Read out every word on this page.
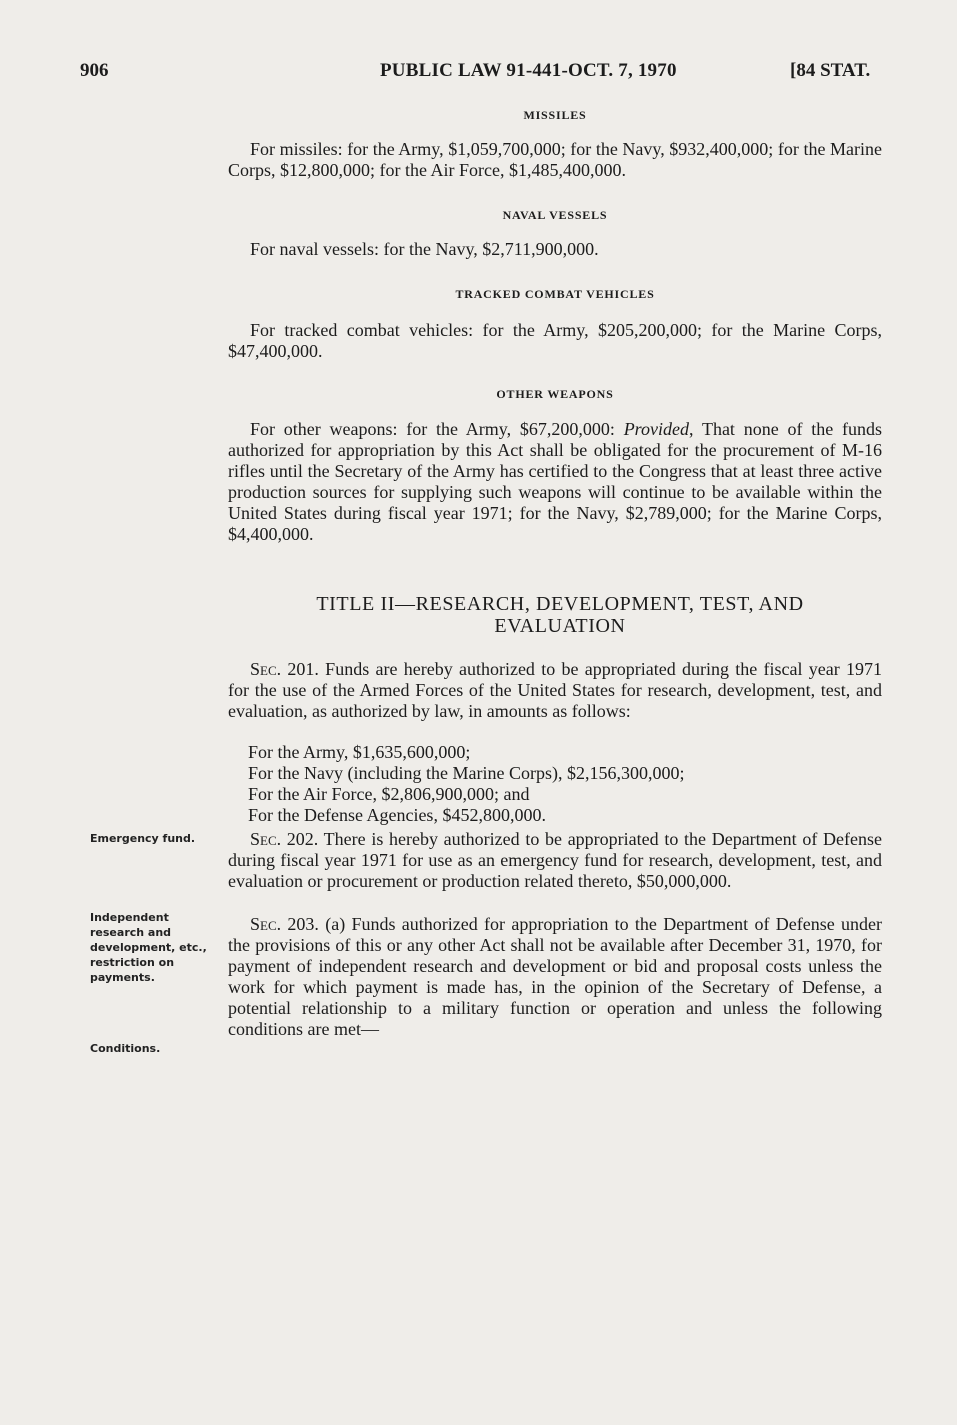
906	PUBLIC LAW 91-441-OCT. 7, 1970	[84 STAT.
MISSILES

For missiles: for the Army, $1,059,700,000; for the Navy, $932,400,000; for the Marine Corps, $12,800,000; for the Air Force, $1,485,400,000.

NAVAL VESSELS

For naval vessels: for the Navy, $2,711,900,000.

TRACKED COMBAT VEHICLES

For tracked combat vehicles: for the Army, $205,200,000; for the Marine Corps, $47,400,000.

OTHER WEAPONS

For other weapons: for the Army, $67,200,000: Provided, That none of the funds authorized for appropriation by this Act shall be obligated for the procurement of M-16 rifles until the Secretary of the Army has certified to the Congress that at least three active production sources for supplying such weapons will continue to be available within the United States during fiscal year 1971; for the Navy, $2,789,000; for the Marine Corps, $4,400,000.

TITLE II—RESEARCH, DEVELOPMENT, TEST, AND
EVALUATION

Sec. 201. Funds are hereby authorized to be appropriated during the fiscal year 1971 for the use of the Armed Forces of the United States for research, development, test, and evaluation, as authorized by law, in amounts as follows:

For the Army, $1,635,600,000;
For the Navy (including the Marine Corps), $2,156,300,000;
For the Air Force, $2,806,900,000; and
For the Defense Agencies, $452,800,000.

Sec. 202. There is hereby authorized to be appropriated to the Department of Defense during fiscal year 1971 for use as an emergency fund for research, development, test, and evaluation or procurement or production related thereto, $50,000,000.

Sec. 203. (a) Funds authorized for appropriation to the Department of Defense under the provisions of this or any other Act shall not be available after December 31, 1970, for payment of independent research and development or bid and proposal costs unless the work for which payment is made has, in the opinion of the Secretary of Defense, a potential relationship to a military function or operation and unless the following conditions are met—

Emergency fund.
Independent research and development, etc., restriction on payments.
Conditions.
